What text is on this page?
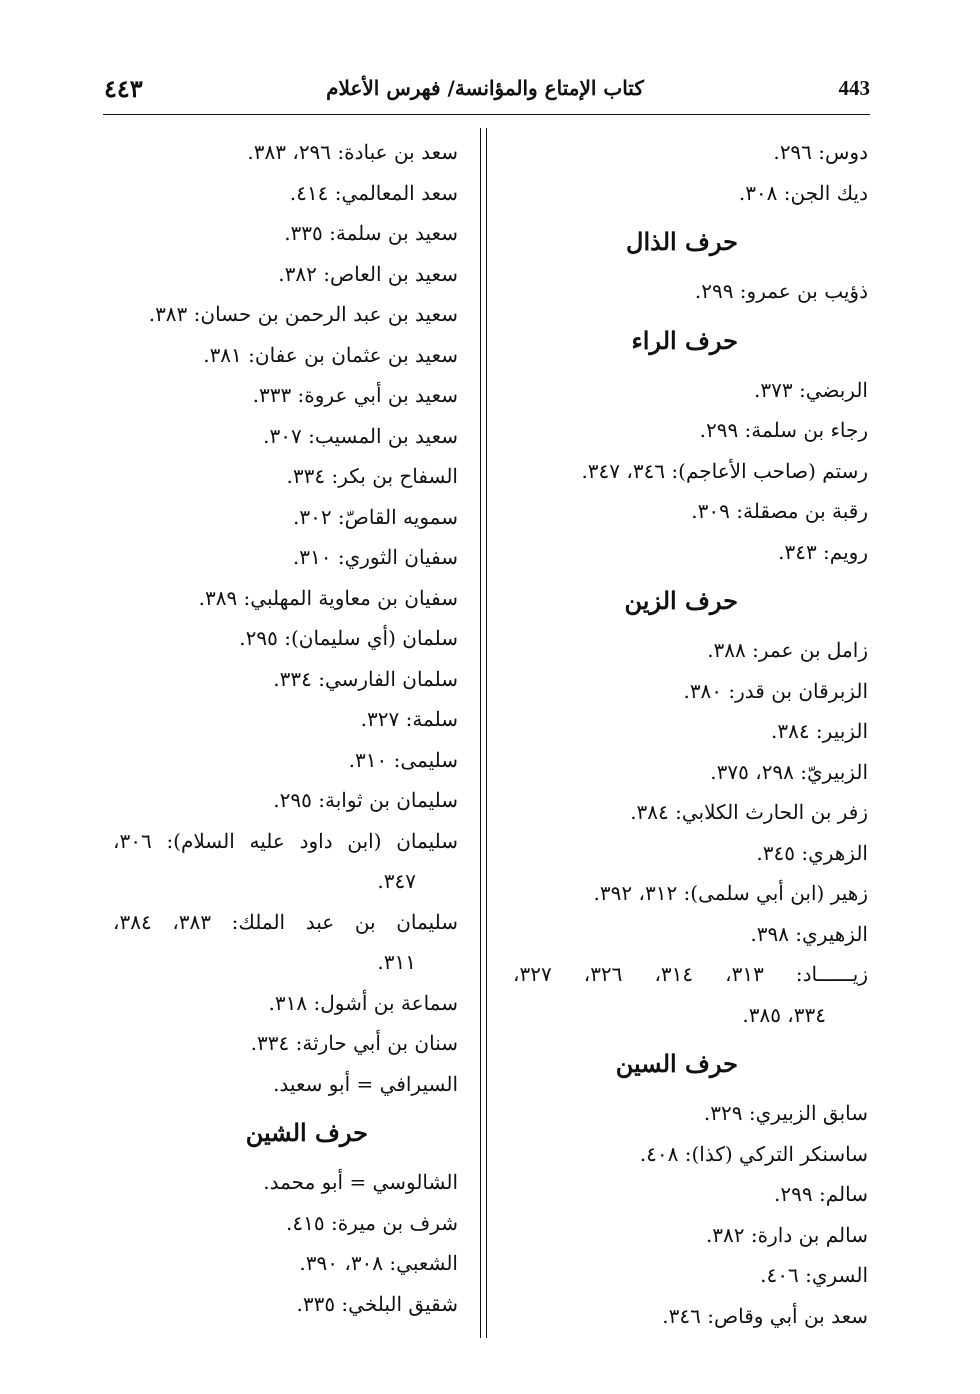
٤٤٣	كتاب الإمتاع والمؤانسة/ فهرس الأعلام	443
دوس: ٢٩٦.
ديك الجن: ٣٠٨.
حرف الذال
ذؤيب بن عمرو: ٢٩٩.
حرف الراء
الربضي: ٣٧٣.
رجاء بن سلمة: ٢٩٩.
رستم (صاحب الأعاجم): ٣٤٦، ٣٤٧.
رقبة بن مصقلة: ٣٠٩.
رويم: ٣٤٣.
حرف الزين
زامل بن عمر: ٣٨٨.
الزبرقان بن قدر: ٣٨٠.
الزبير: ٣٨٤.
الزبيريّ: ٢٩٨، ٣٧٥.
زفر بن الحارث الكلابي: ٣٨٤.
الزهري: ٣٤٥.
زهير (ابن أبي سلمى): ٣١٢، ٣٩٢.
الزهيري: ٣٩٨.
زيــــــاد: ٣١٣، ٣١٤، ٣٢٦، ٣٢٧،
٣٣٤، ٣٨٥.
حرف السين
سابق الزبيري: ٣٢٩.
ساسنكر التركي (كذا): ٤٠٨.
سالم: ٢٩٩.
سالم بن دارة: ٣٨٢.
السري: ٤٠٦.
سعد بن أبي وقاص: ٣٤٦.
سعد بن عبادة: ٢٩٦، ٣٨٣.
سعد المعالمي: ٤١٤.
سعيد بن سلمة: ٣٣٥.
سعيد بن العاص: ٣٨٢.
سعيد بن عبد الرحمن بن حسان: ٣٨٣.
سعيد بن عثمان بن عفان: ٣٨١.
سعيد بن أبي عروة: ٣٣٣.
سعيد بن المسيب: ٣٠٧.
السفاح بن بكر: ٣٣٤.
سمويه القاصّ: ٣٠٢.
سفيان الثوري: ٣١٠.
سفيان بن معاوية المهلبي: ٣٨٩.
سلمان (أي سليمان): ٢٩٥.
سلمان الفارسي: ٣٣٤.
سلمة: ٣٢٧.
سليمى: ٣١٠.
سليمان بن ثوابة: ٢٩٥.
سليمان (ابن داود عليه السلام): ٣٠٦،
٣٤٧.
سليمان بن عبد الملك: ٣٨٣، ٣٨٤،
٣١١.
سماعة بن أشول: ٣١٨.
سنان بن أبي حارثة: ٣٣٤.
السيرافي = أبو سعيد.
حرف الشين
الشالوسي = أبو محمد.
شرف بن ميرة: ٤١٥.
الشعبي: ٣٠٨، ٣٩٠.
شقيق البلخي: ٣٣٥.
